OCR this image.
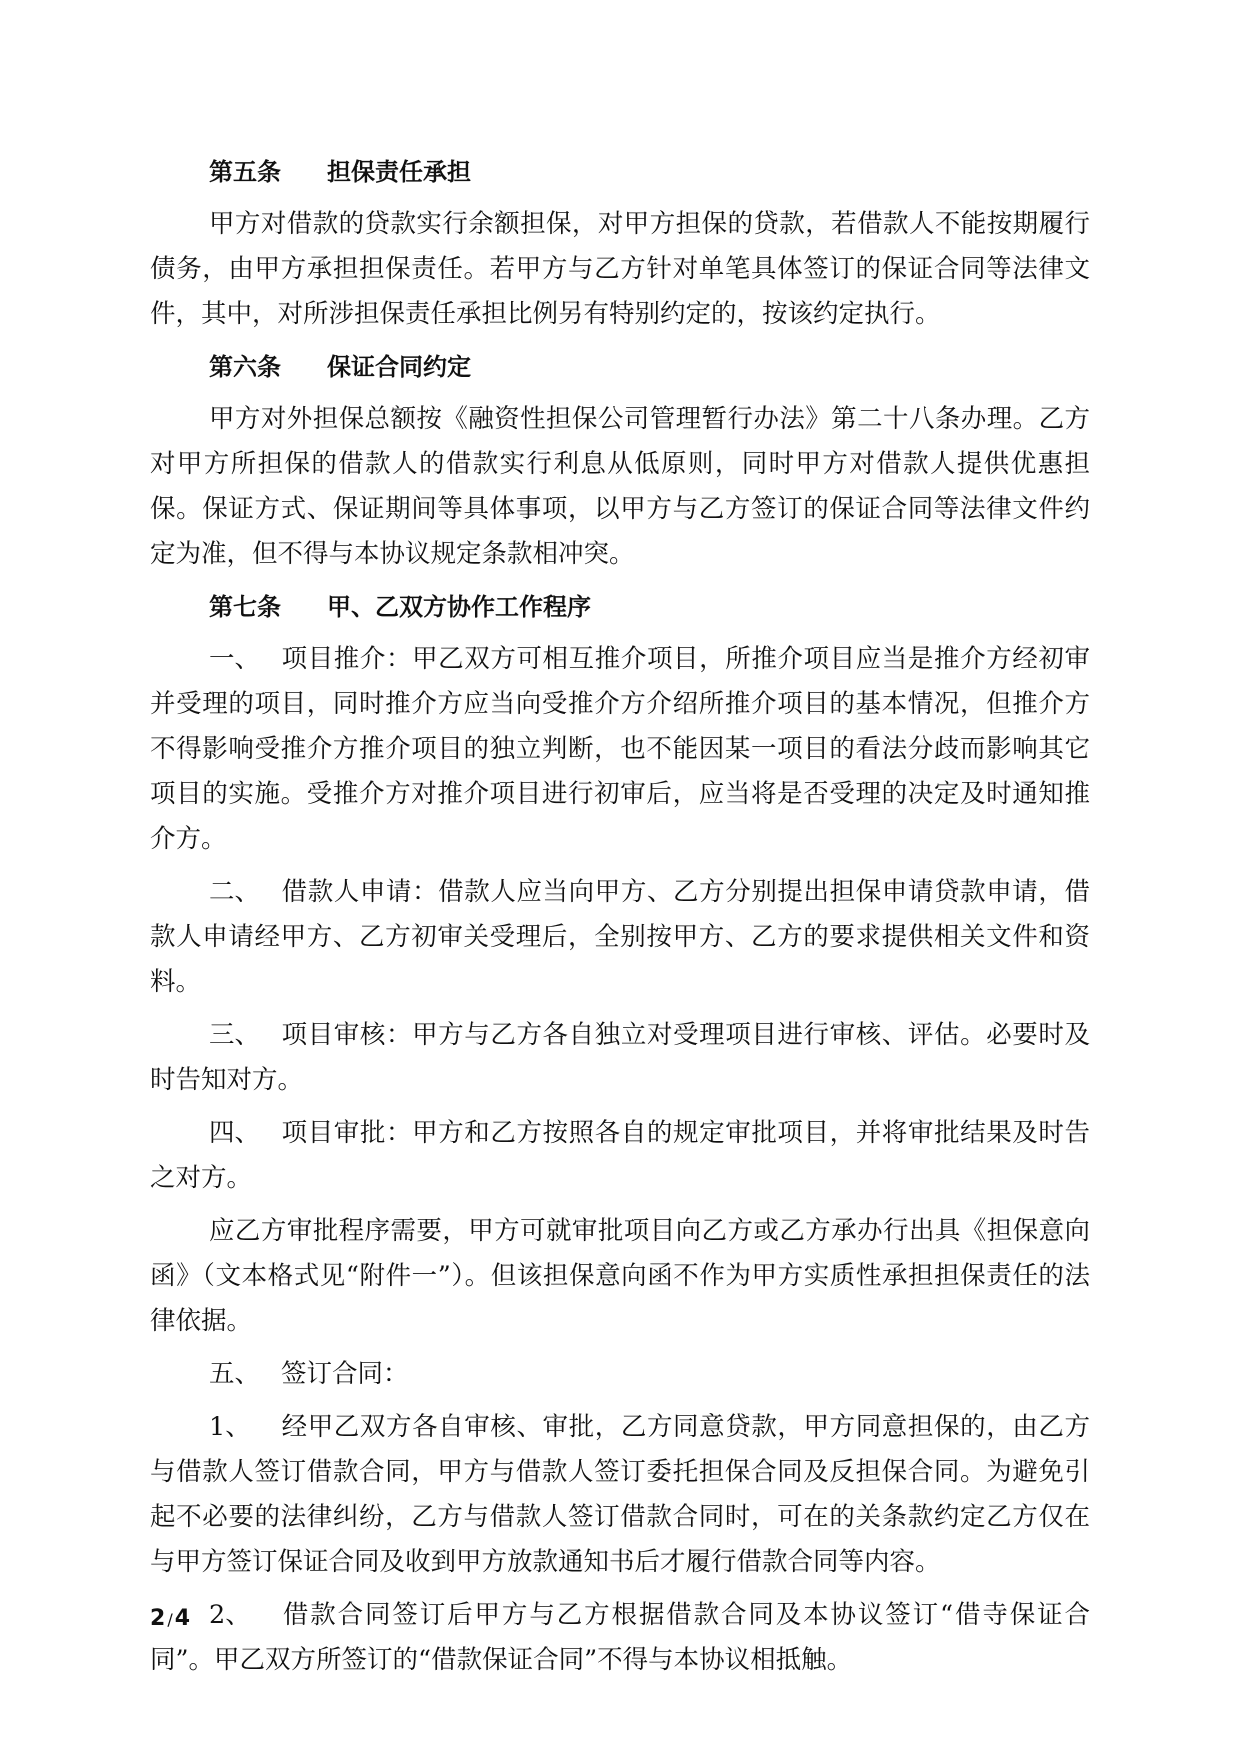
第五条 担保责任承担

甲方对借款的贷款实行余额担保，对甲方担保的贷款，若借款人不能按期履行债务，由甲方承担担保责任。若甲方与乙方针对单笔具体签订的保证合同等法律文件，其中，对所涉担保责任承担比例另有特别约定的，按该约定执行。

第六条 保证合同约定

甲方对外担保总额按《融资性担保公司管理暂行办法》第二十八条办理。乙方对甲方所担保的借款人的借款实行利息从低原则，同时甲方对借款人提供优惠担保。保证方式、保证期间等具体事项，以甲方与乙方签订的保证合同等法律文件约定为准，但不得与本协议规定条款相冲突。

第七条 甲、乙双方协作工作程序

一、 项目推介：甲乙双方可相互推介项目，所推介项目应当是推介方经初审并受理的项目，同时推介方应当向受推介方介绍所推介项目的基本情况，但推介方不得影响受推介方推介项目的独立判断，也不能因某一项目的看法分歧而影响其它项目的实施。受推介方对推介项目进行初审后，应当将是否受理的决定及时通知推介方。

二、 借款人申请：借款人应当向甲方、乙方分别提出担保申请贷款申请，借款人申请经甲方、乙方初审关受理后，全别按甲方、乙方的要求提供相关文件和资料。

三、 项目审核：甲方与乙方各自独立对受理项目进行审核、评估。必要时及时告知对方。

四、 项目审批：甲方和乙方按照各自的规定审批项目，并将审批结果及时告之对方。

应乙方审批程序需要，甲方可就审批项目向乙方或乙方承办行出具《担保意向函》（文本格式见“附件一”）。但该担保意向函不作为甲方实质性承担担保责任的法律依据。

五、 签订合同：

1、 经甲乙双方各自审核、审批，乙方同意贷款，甲方同意担保的，由乙方与借款人签订借款合同，甲方与借款人签订委托担保合同及反担保合同。为避免引起不必要的法律纠纷，乙方与借款人签订借款合同时，可在的关条款约定乙方仅在与甲方签订保证合同及收到甲方放款通知书后才履行借款合同等内容。

2、 借款合同签订后甲方与乙方根据借款合同及本协议签订“借寺保证合同”。甲乙双方所签订的“借款保证合同”不得与本协议相抵触。

2 /4
